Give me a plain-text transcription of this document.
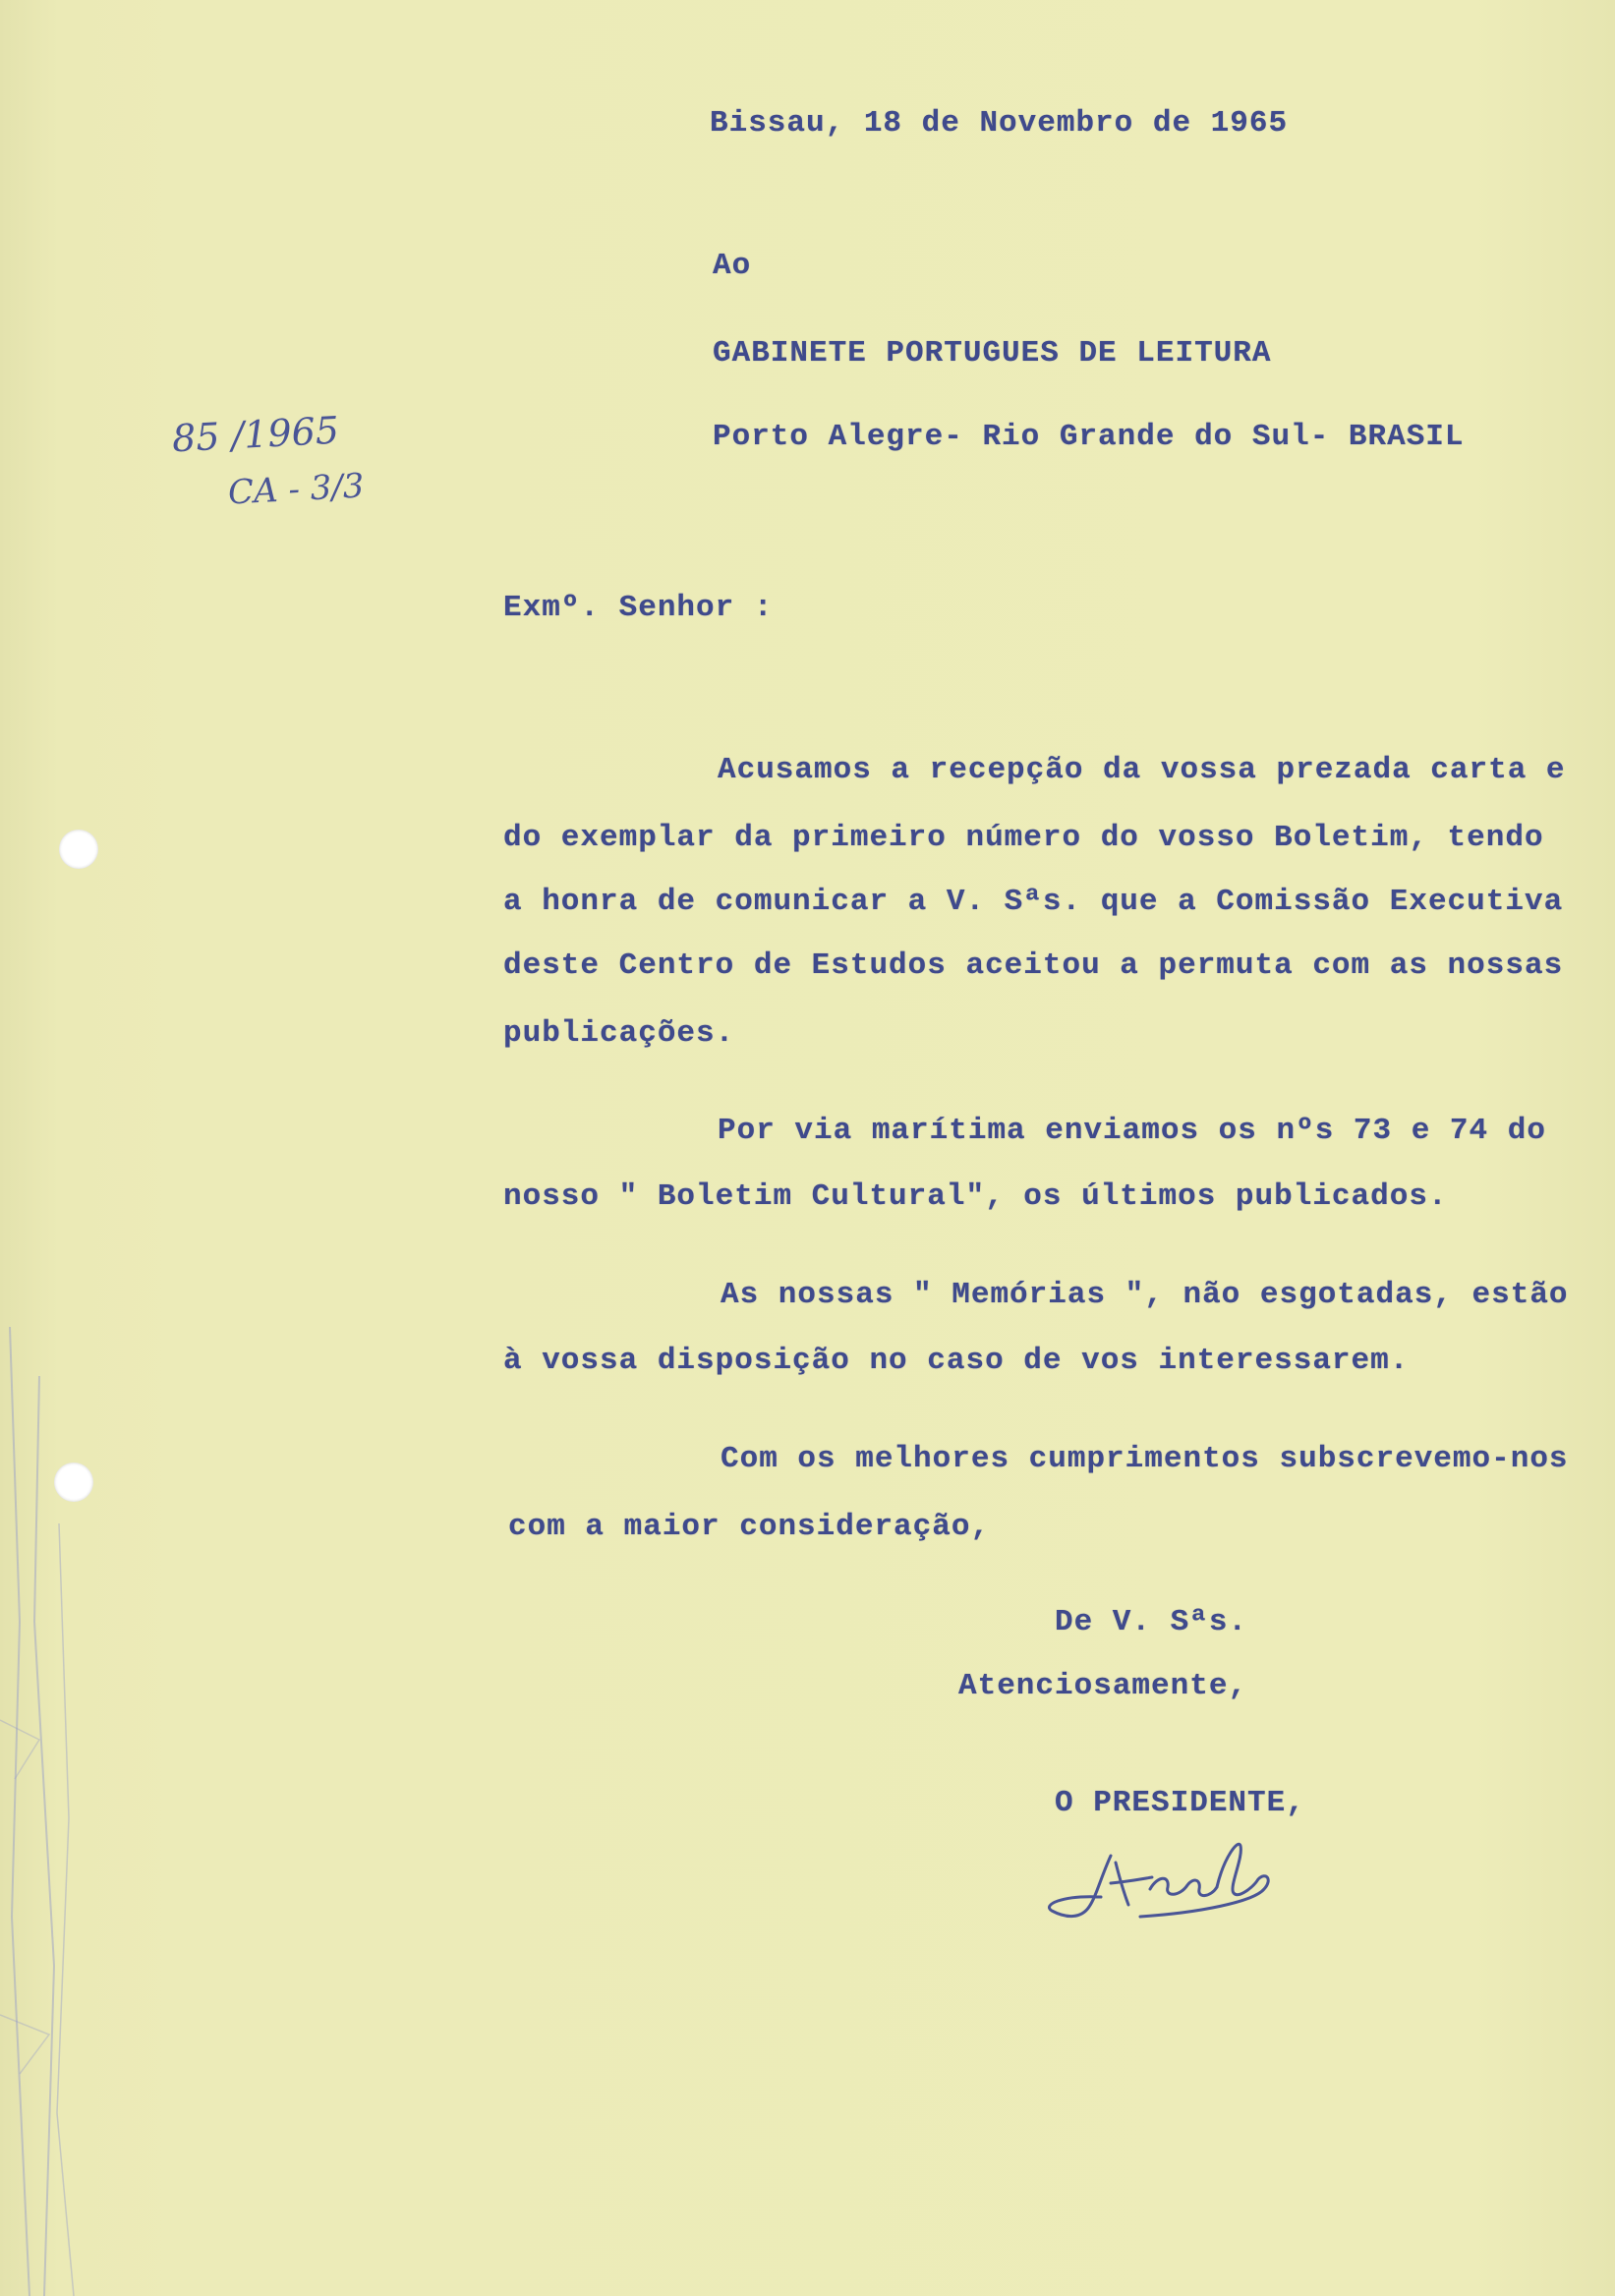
Bissau, 18 de Novembro de 1965
Ao
GABINETE PORTUGUES DE LEITURA
Porto Alegre- Rio Grande do Sul- BRASIL
85 /1965
CA - 3/3
Exmº. Senhor :
Acusamos a recepção da vossa prezada carta e
do exemplar da primeiro número do vosso Boletim, tendo
a honra de comunicar a V. Sªs. que a Comissão Executiva
deste Centro de Estudos aceitou a permuta com as nossas
publicações.
Por via marítima enviamos os nºs 73 e 74 do
nosso " Boletim Cultural", os últimos publicados.
As nossas " Memórias ", não esgotadas, estão
à vossa disposição no caso de vos interessarem.
Com os melhores cumprimentos subscrevemo-nos
com a maior consideração,
De V. Sªs.
Atenciosamente,
O PRESIDENTE,
